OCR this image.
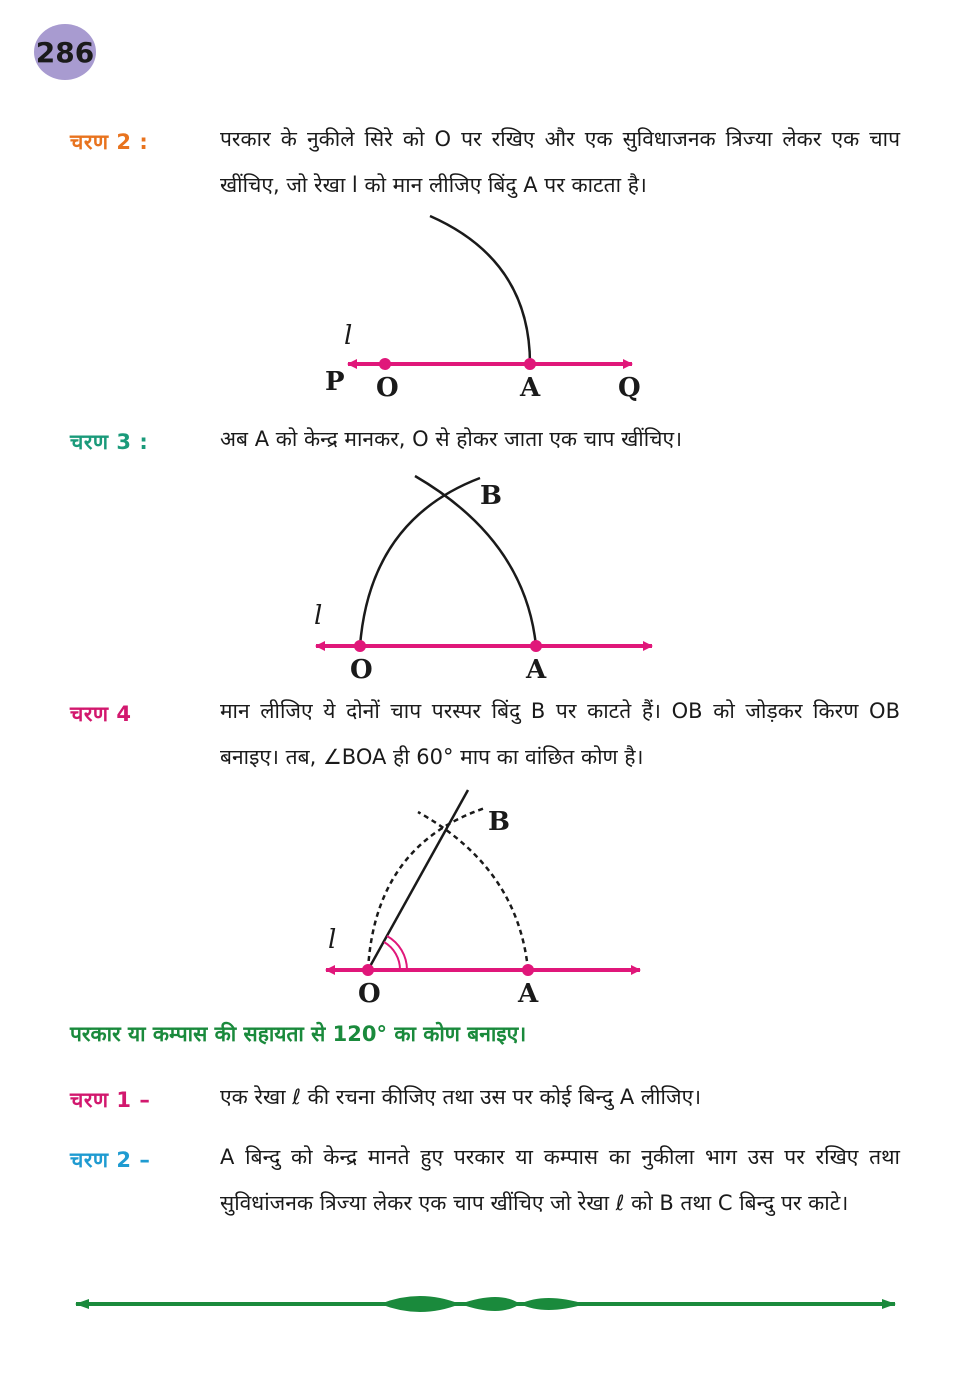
286
चरण 2 :	परकार के नुकीले सिरे को O पर रखिए और एक सुविधाजनक त्रिज्या लेकर एक चाप खींचिए, जो रेखा l को मान लीजिए बिंदु A पर काटता है।
चरण 3 :	अब A को केन्द्र मानकर, O से होकर जाता एक चाप खींचिए।
चरण 4	मान लीजिए ये दोनों चाप परस्पर बिंदु B पर काटते हैं। OB को जोड़कर किरण OB बनाइए। तब, ∠BOA ही 60° माप का वांछित कोण है।
परकार या कम्पास की सहायता से 120° का कोण बनाइए।
चरण 1 –	एक रेखा ℓ की रचना कीजिए तथा उस पर कोई बिन्दु A लीजिए।
चरण 2 –	A बिन्दु को केन्द्र मानते हुए परकार या कम्पास का नुकीला भाग उस पर रखिए तथा सुविधांजनक त्रिज्या लेकर एक चाप खींचिए जो रेखा ℓ को B तथा C बिन्दु पर काटे।
l
P O	A	Q
l
O	A
B
l
O	A
B
